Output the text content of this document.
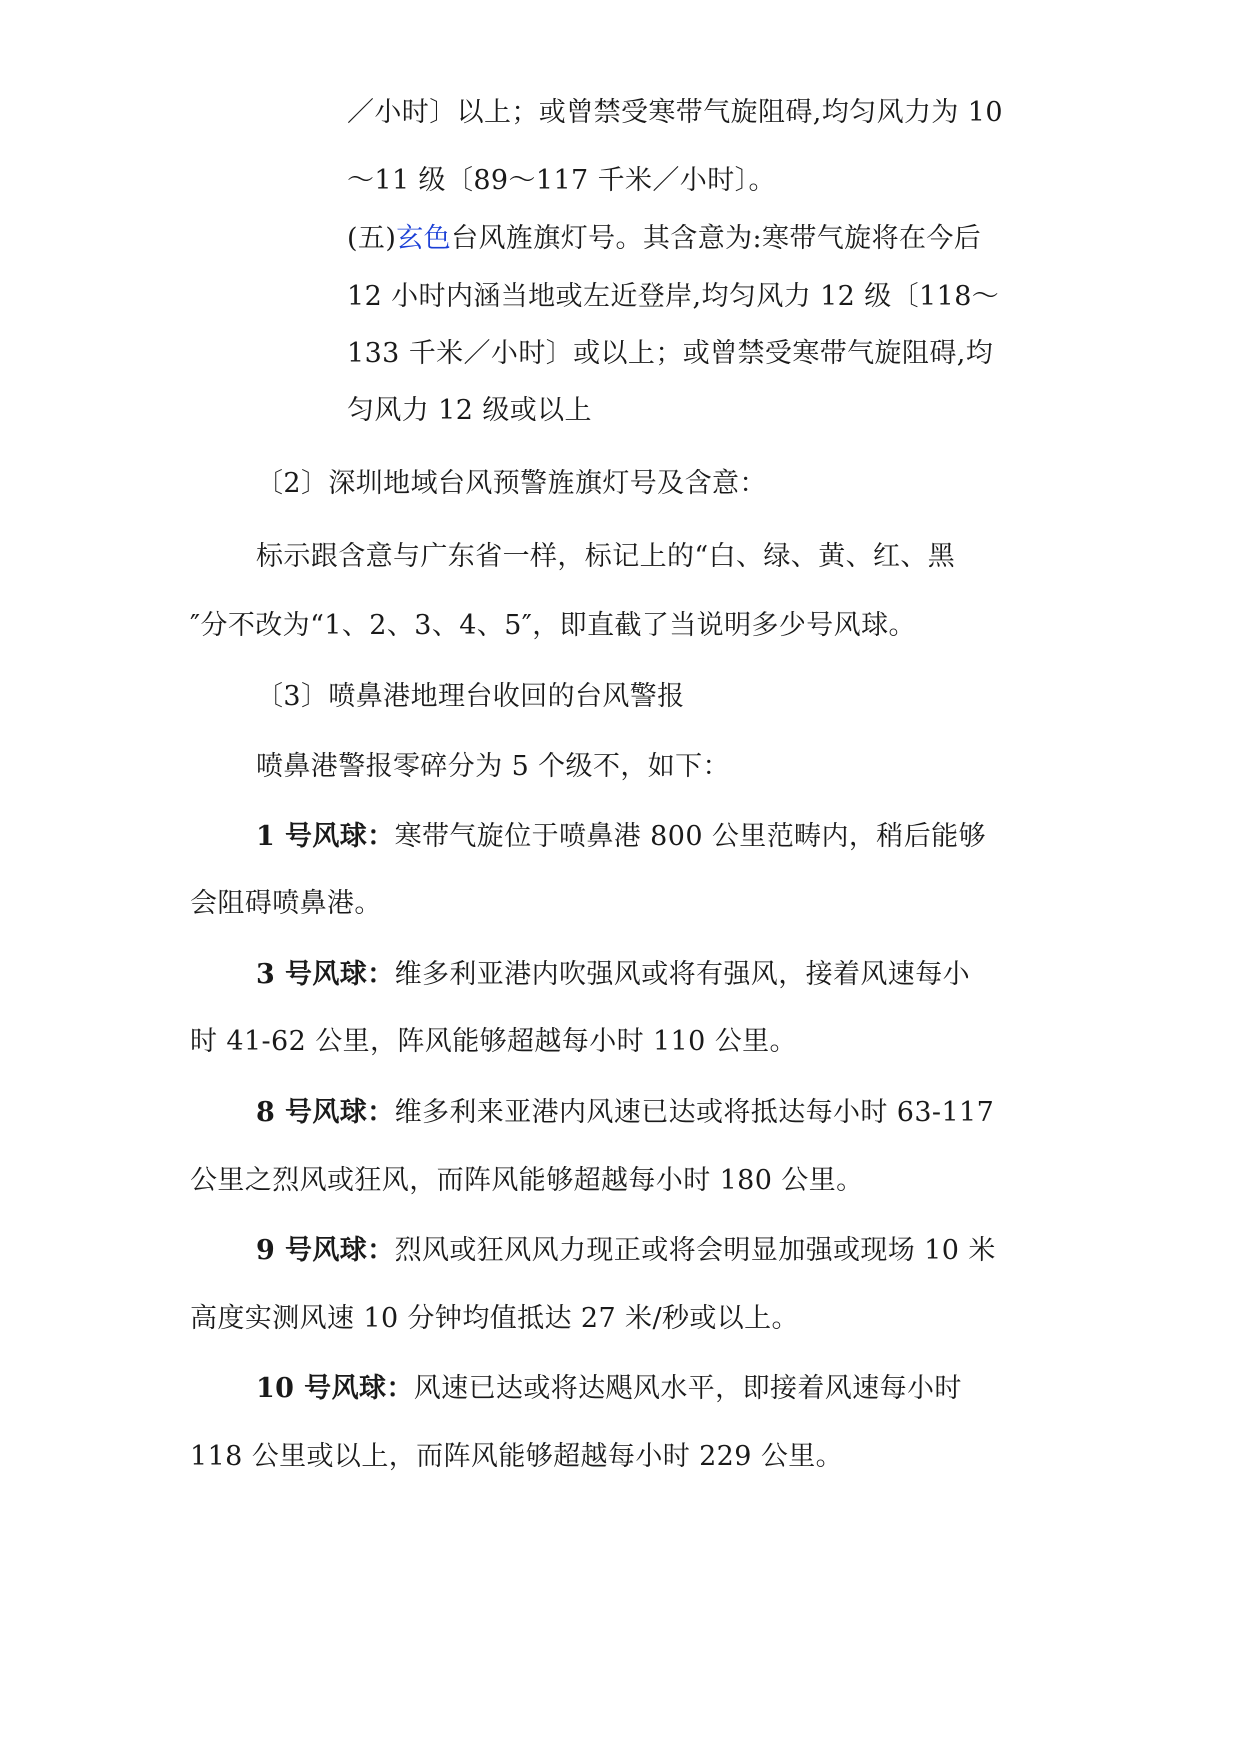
／小时〕以上；或曾禁受寒带气旋阻碍,均匀风力为 10
～11 级〔89～117 千米／小时〕。
(五)玄色台风旌旗灯号。其含意为:寒带气旋将在今后
12 小时内涵当地或左近登岸,均匀风力 12 级〔118～
133 千米／小时〕或以上；或曾禁受寒带气旋阻碍,均
匀风力 12 级或以上
〔2〕深圳地域台风预警旌旗灯号及含意：
标示跟含意与广东省一样，标记上的“白、绿、黄、红、黑
″分不改为“1、2、3、4、5″，即直截了当说明多少号风球。
〔3〕喷鼻港地理台收回的台风警报
喷鼻港警报零碎分为 5 个级不，如下：
1 号风球：寒带气旋位于喷鼻港 800 公里范畴内，稍后能够
会阻碍喷鼻港。
3 号风球：维多利亚港内吹强风或将有强风，接着风速每小
时 41-62 公里，阵风能够超越每小时 110 公里。
8 号风球：维多利来亚港内风速已达或将抵达每小时 63-117
公里之烈风或狂风，而阵风能够超越每小时 180 公里。
9 号风球：烈风或狂风风力现正或将会明显加强或现场 10 米
高度实测风速 10 分钟均值抵达 27 米/秒或以上。
10 号风球：风速已达或将达飓风水平，即接着风速每小时
118 公里或以上，而阵风能够超越每小时 229 公里。
